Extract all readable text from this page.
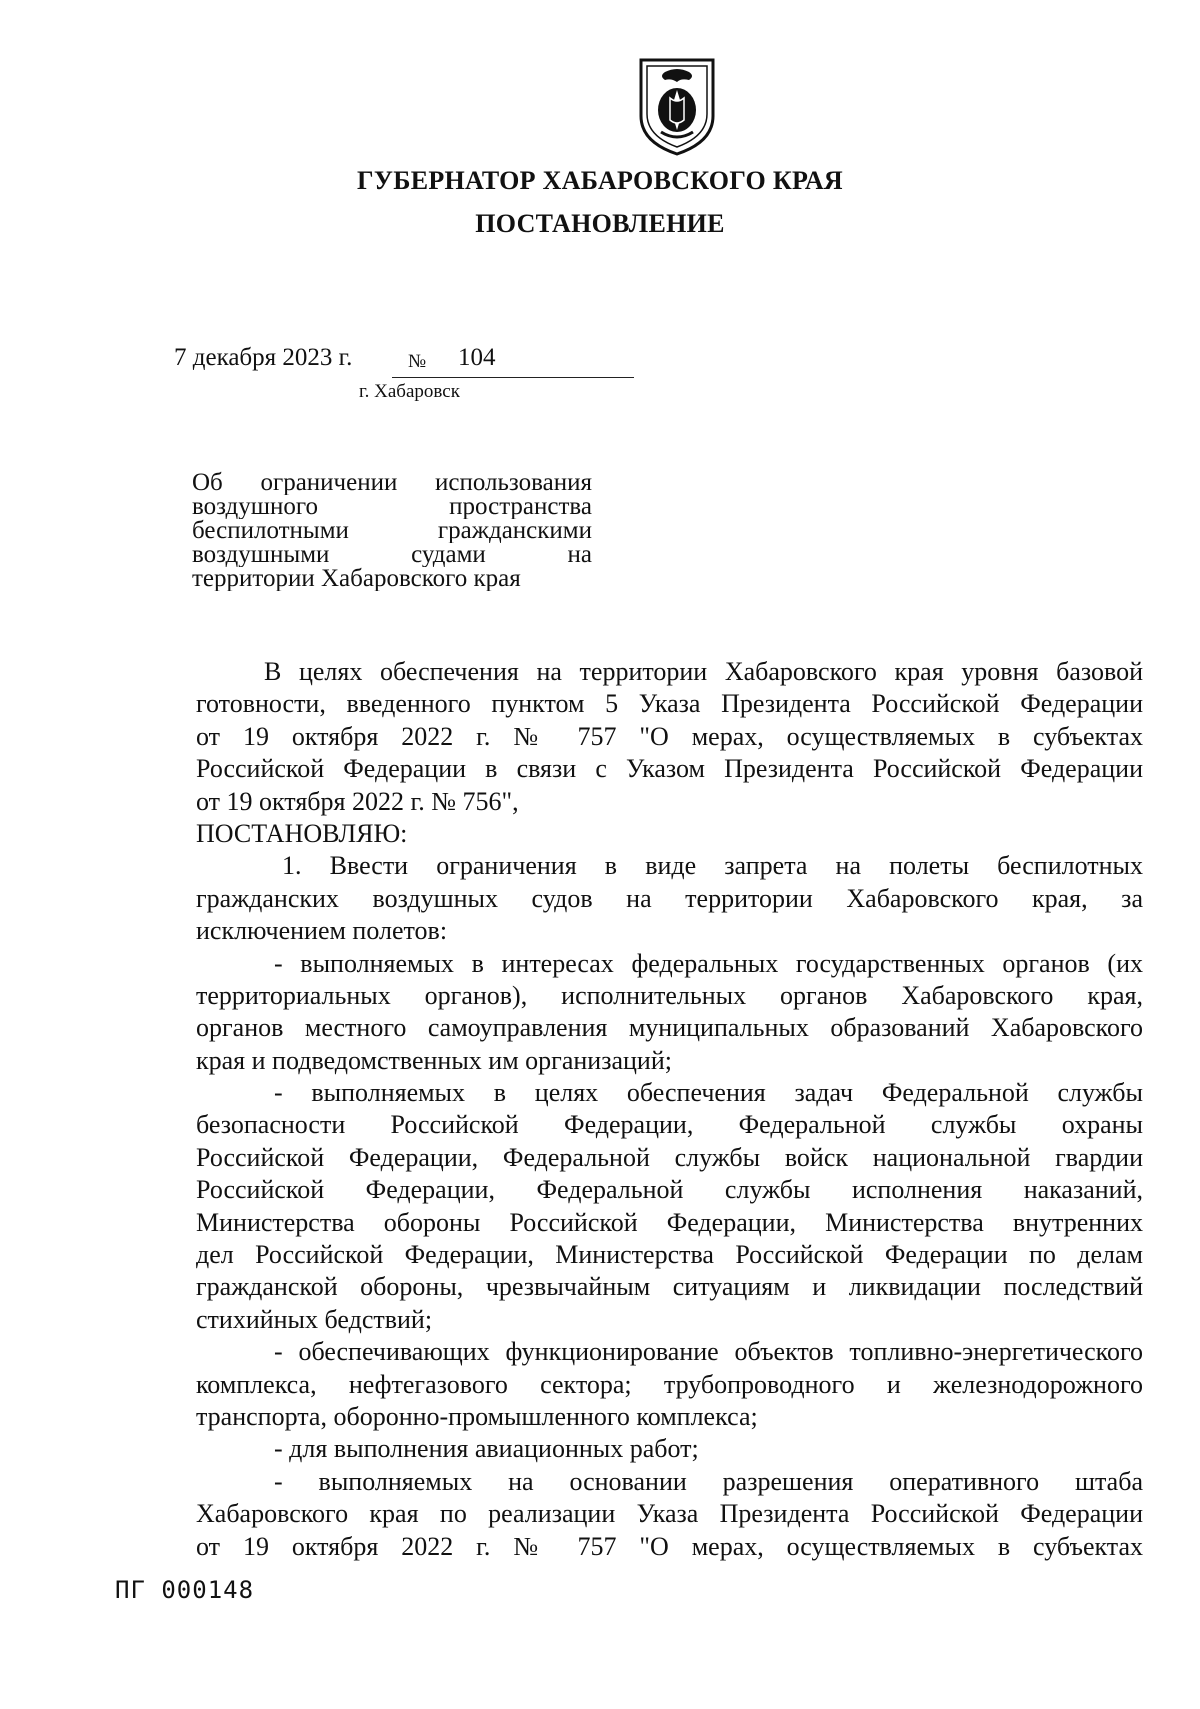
ГУБЕРНАТОР ХАБАРОВСКОГО КРАЯ
ПОСТАНОВЛЕНИЕ
7 декабря 2023 г.	№ 104
г. Хабаровск
Об ограничении использования
воздушного пространства
беспилотными гражданскими
воздушными судами на
территории Хабаровского края
В целях обеспечения на территории Хабаровского края уровня базовой
готовности, введенного пунктом 5 Указа Президента Российской Федерации
от 19 октября 2022 г. № 757 "О мерах, осуществляемых в субъектах
Российской Федерации в связи с Указом Президента Российской Федерации
от 19 октября 2022 г. № 756",
ПОСТАНОВЛЯЮ:
1. Ввести ограничения в виде запрета на полеты беспилотных
гражданских воздушных судов на территории Хабаровского края, за
исключением полетов:
- выполняемых в интересах федеральных государственных органов (их
территориальных органов), исполнительных органов Хабаровского края,
органов местного самоуправления муниципальных образований Хабаровского
края и подведомственных им организаций;
- выполняемых в целях обеспечения задач Федеральной службы
безопасности Российской Федерации, Федеральной службы охраны
Российской Федерации, Федеральной службы войск национальной гвардии
Российской Федерации, Федеральной службы исполнения наказаний,
Министерства обороны Российской Федерации, Министерства внутренних
дел Российской Федерации, Министерства Российской Федерации по делам
гражданской обороны, чрезвычайным ситуациям и ликвидации последствий
стихийных бедствий;
- обеспечивающих функционирование объектов топливно-энергетического
комплекса, нефтегазового сектора; трубопроводного и железнодорожного
транспорта, оборонно-промышленного комплекса;
- для выполнения авиационных работ;
- выполняемых на основании разрешения оперативного штаба
Хабаровского края по реализации Указа Президента Российской Федерации
от 19 октября 2022 г. № 757 "О мерах, осуществляемых в субъектах
ПГ 000148
